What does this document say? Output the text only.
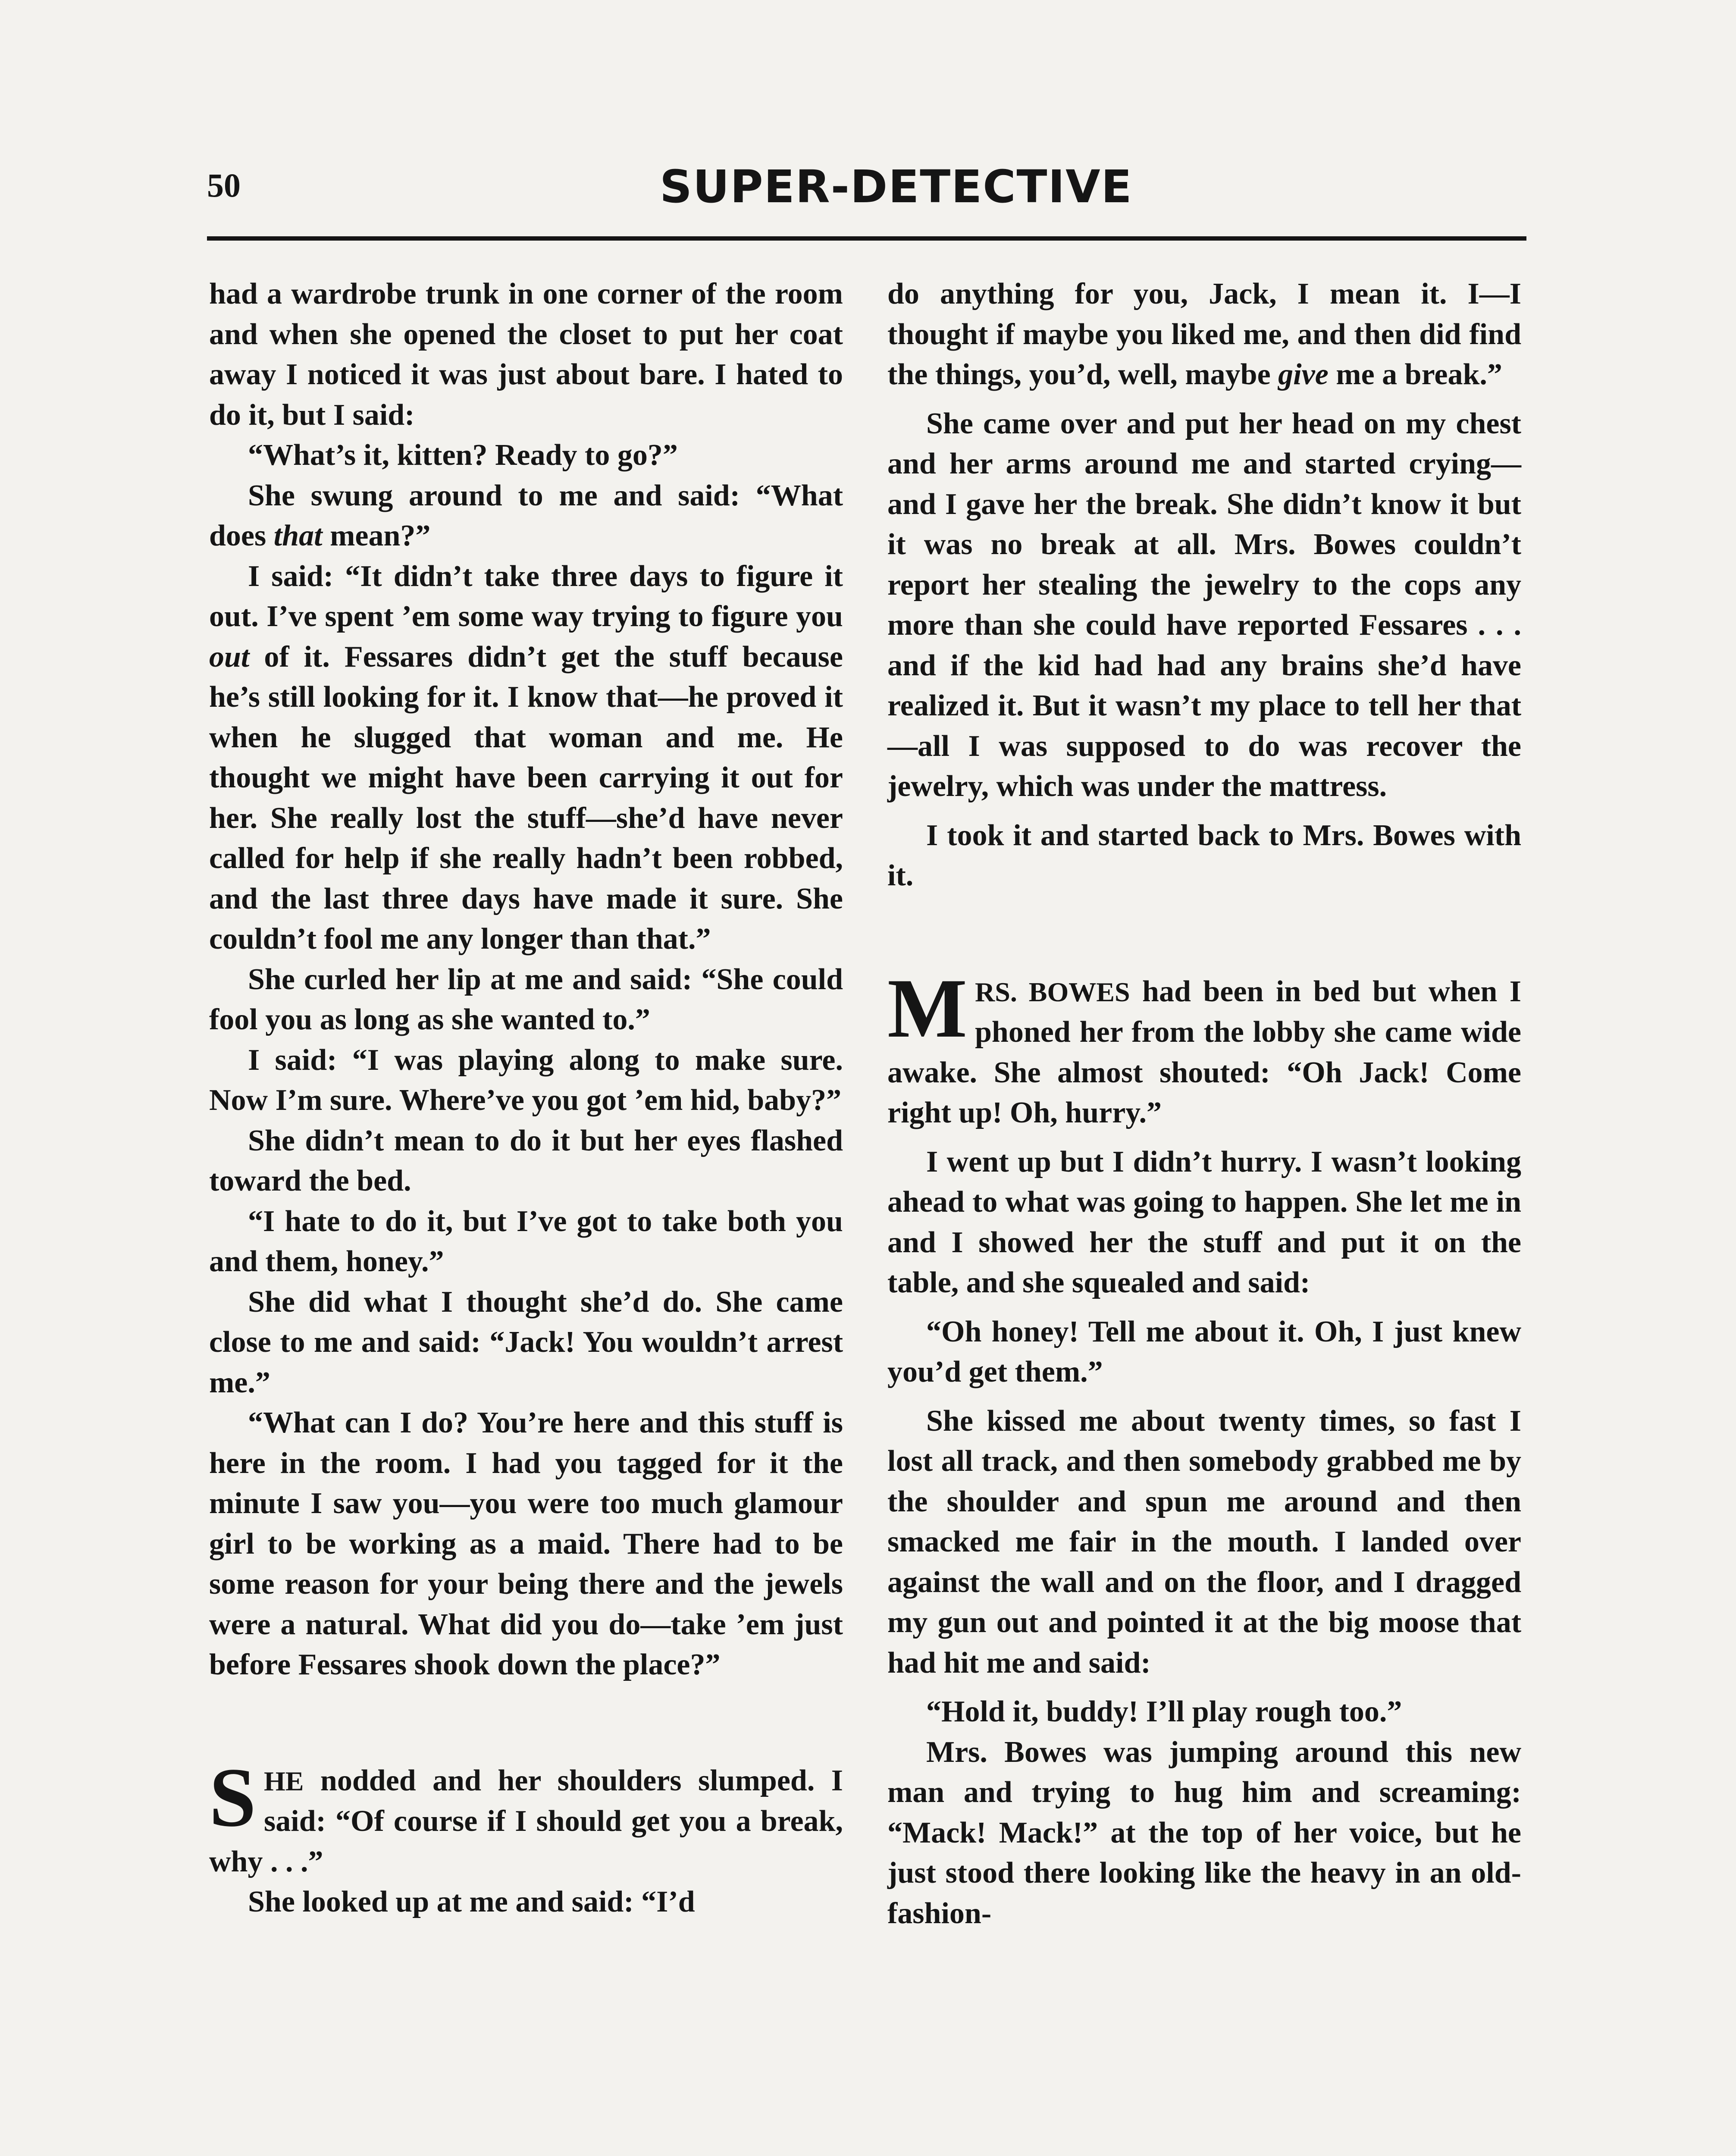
50	SUPER-DETECTIVE

had a wardrobe trunk in one corner of the room and when she opened the closet to put her coat away I noticed it was just about bare. I hated to do it, but I said:

“What’s it, kitten? Ready to go?”

She swung around to me and said: “What does that mean?”

I said: “It didn’t take three days to figure it out. I’ve spent ’em some way trying to figure you out of it. Fessares didn’t get the stuff because he’s still looking for it. I know that—he proved it when he slugged that woman and me. He thought we might have been carrying it out for her. She really lost the stuff—she’d have never called for help if she really hadn’t been robbed, and the last three days have made it sure. She couldn’t fool me any longer than that.”

She curled her lip at me and said: “She could fool you as long as she wanted to.”

I said: “I was playing along to make sure. Now I’m sure. Where’ve you got ’em hid, baby?”

She didn’t mean to do it but her eyes flashed toward the bed.

“I hate to do it, but I’ve got to take both you and them, honey.”

She did what I thought she’d do. She came close to me and said: “Jack! You wouldn’t arrest me.”

“What can I do? You’re here and this stuff is here in the room. I had you tagged for it the minute I saw you—you were too much glamour girl to be working as a maid. There had to be some reason for your being there and the jewels were a natural. What did you do—take ’em just before Fessares shook down the place?”

SHE nodded and her shoulders slumped. I said: “Of course if I should get you a break, why . . .”

She looked up at me and said: “I’d

do anything for you, Jack, I mean it. I—I thought if maybe you liked me, and then did find the things, you’d, well, maybe give me a break.”

She came over and put her head on my chest and her arms around me and started crying—and I gave her the break. She didn’t know it but it was no break at all. Mrs. Bowes couldn’t report her stealing the jewelry to the cops any more than she could have reported Fessares . . . and if the kid had had any brains she’d have realized it. But it wasn’t my place to tell her that—all I was supposed to do was recover the jewelry, which was under the mattress.

I took it and started back to Mrs. Bowes with it.

MRS. BOWES had been in bed but when I phoned her from the lobby she came wide awake. She almost shouted: “Oh Jack! Come right up! Oh, hurry.”

I went up but I didn’t hurry. I wasn’t looking ahead to what was going to happen. She let me in and I showed her the stuff and put it on the table, and she squealed and said:

“Oh honey! Tell me about it. Oh, I just knew you’d get them.”

She kissed me about twenty times, so fast I lost all track, and then somebody grabbed me by the shoulder and spun me around and then smacked me fair in the mouth. I landed over against the wall and on the floor, and I dragged my gun out and pointed it at the big moose that had hit me and said:

“Hold it, buddy! I’ll play rough too.”

Mrs. Bowes was jumping around this new man and trying to hug him and screaming: “Mack! Mack!” at the top of her voice, but he just stood there looking like the heavy in an old-fashion-
